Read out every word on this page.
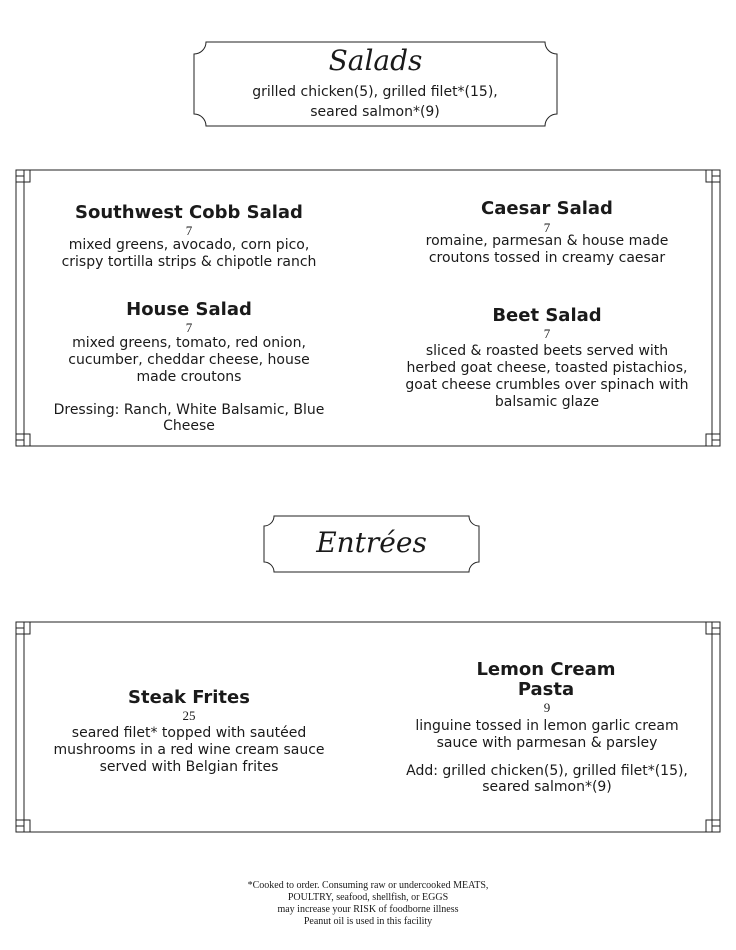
Salads
grilled chicken(5), grilled filet*(15), seared salmon*(9)
Southwest Cobb Salad
7
mixed greens, avocado, corn pico, crispy tortilla strips & chipotle ranch
Caesar Salad
7
romaine, parmesan & house made croutons tossed in creamy caesar
House Salad
7
mixed greens, tomato, red onion, cucumber, cheddar cheese, house made croutons
Dressing: Ranch, White Balsamic, Blue Cheese
Beet Salad
7
sliced & roasted beets served with herbed goat cheese, toasted pistachios, goat cheese crumbles over spinach with balsamic glaze
Entrées
Steak Frites
25
seared filet* topped with sautéed mushrooms in a red wine cream sauce served with Belgian frites
Lemon Cream Pasta
9
linguine tossed in lemon garlic cream sauce with parmesan & parsley
Add: grilled chicken(5), grilled filet*(15), seared salmon*(9)
*Cooked to order. Consuming raw or undercooked MEATS,
POULTRY, seafood, shellfish, or EGGS
may increase your RISK of foodborne illness
Peanut oil is used in this facility
